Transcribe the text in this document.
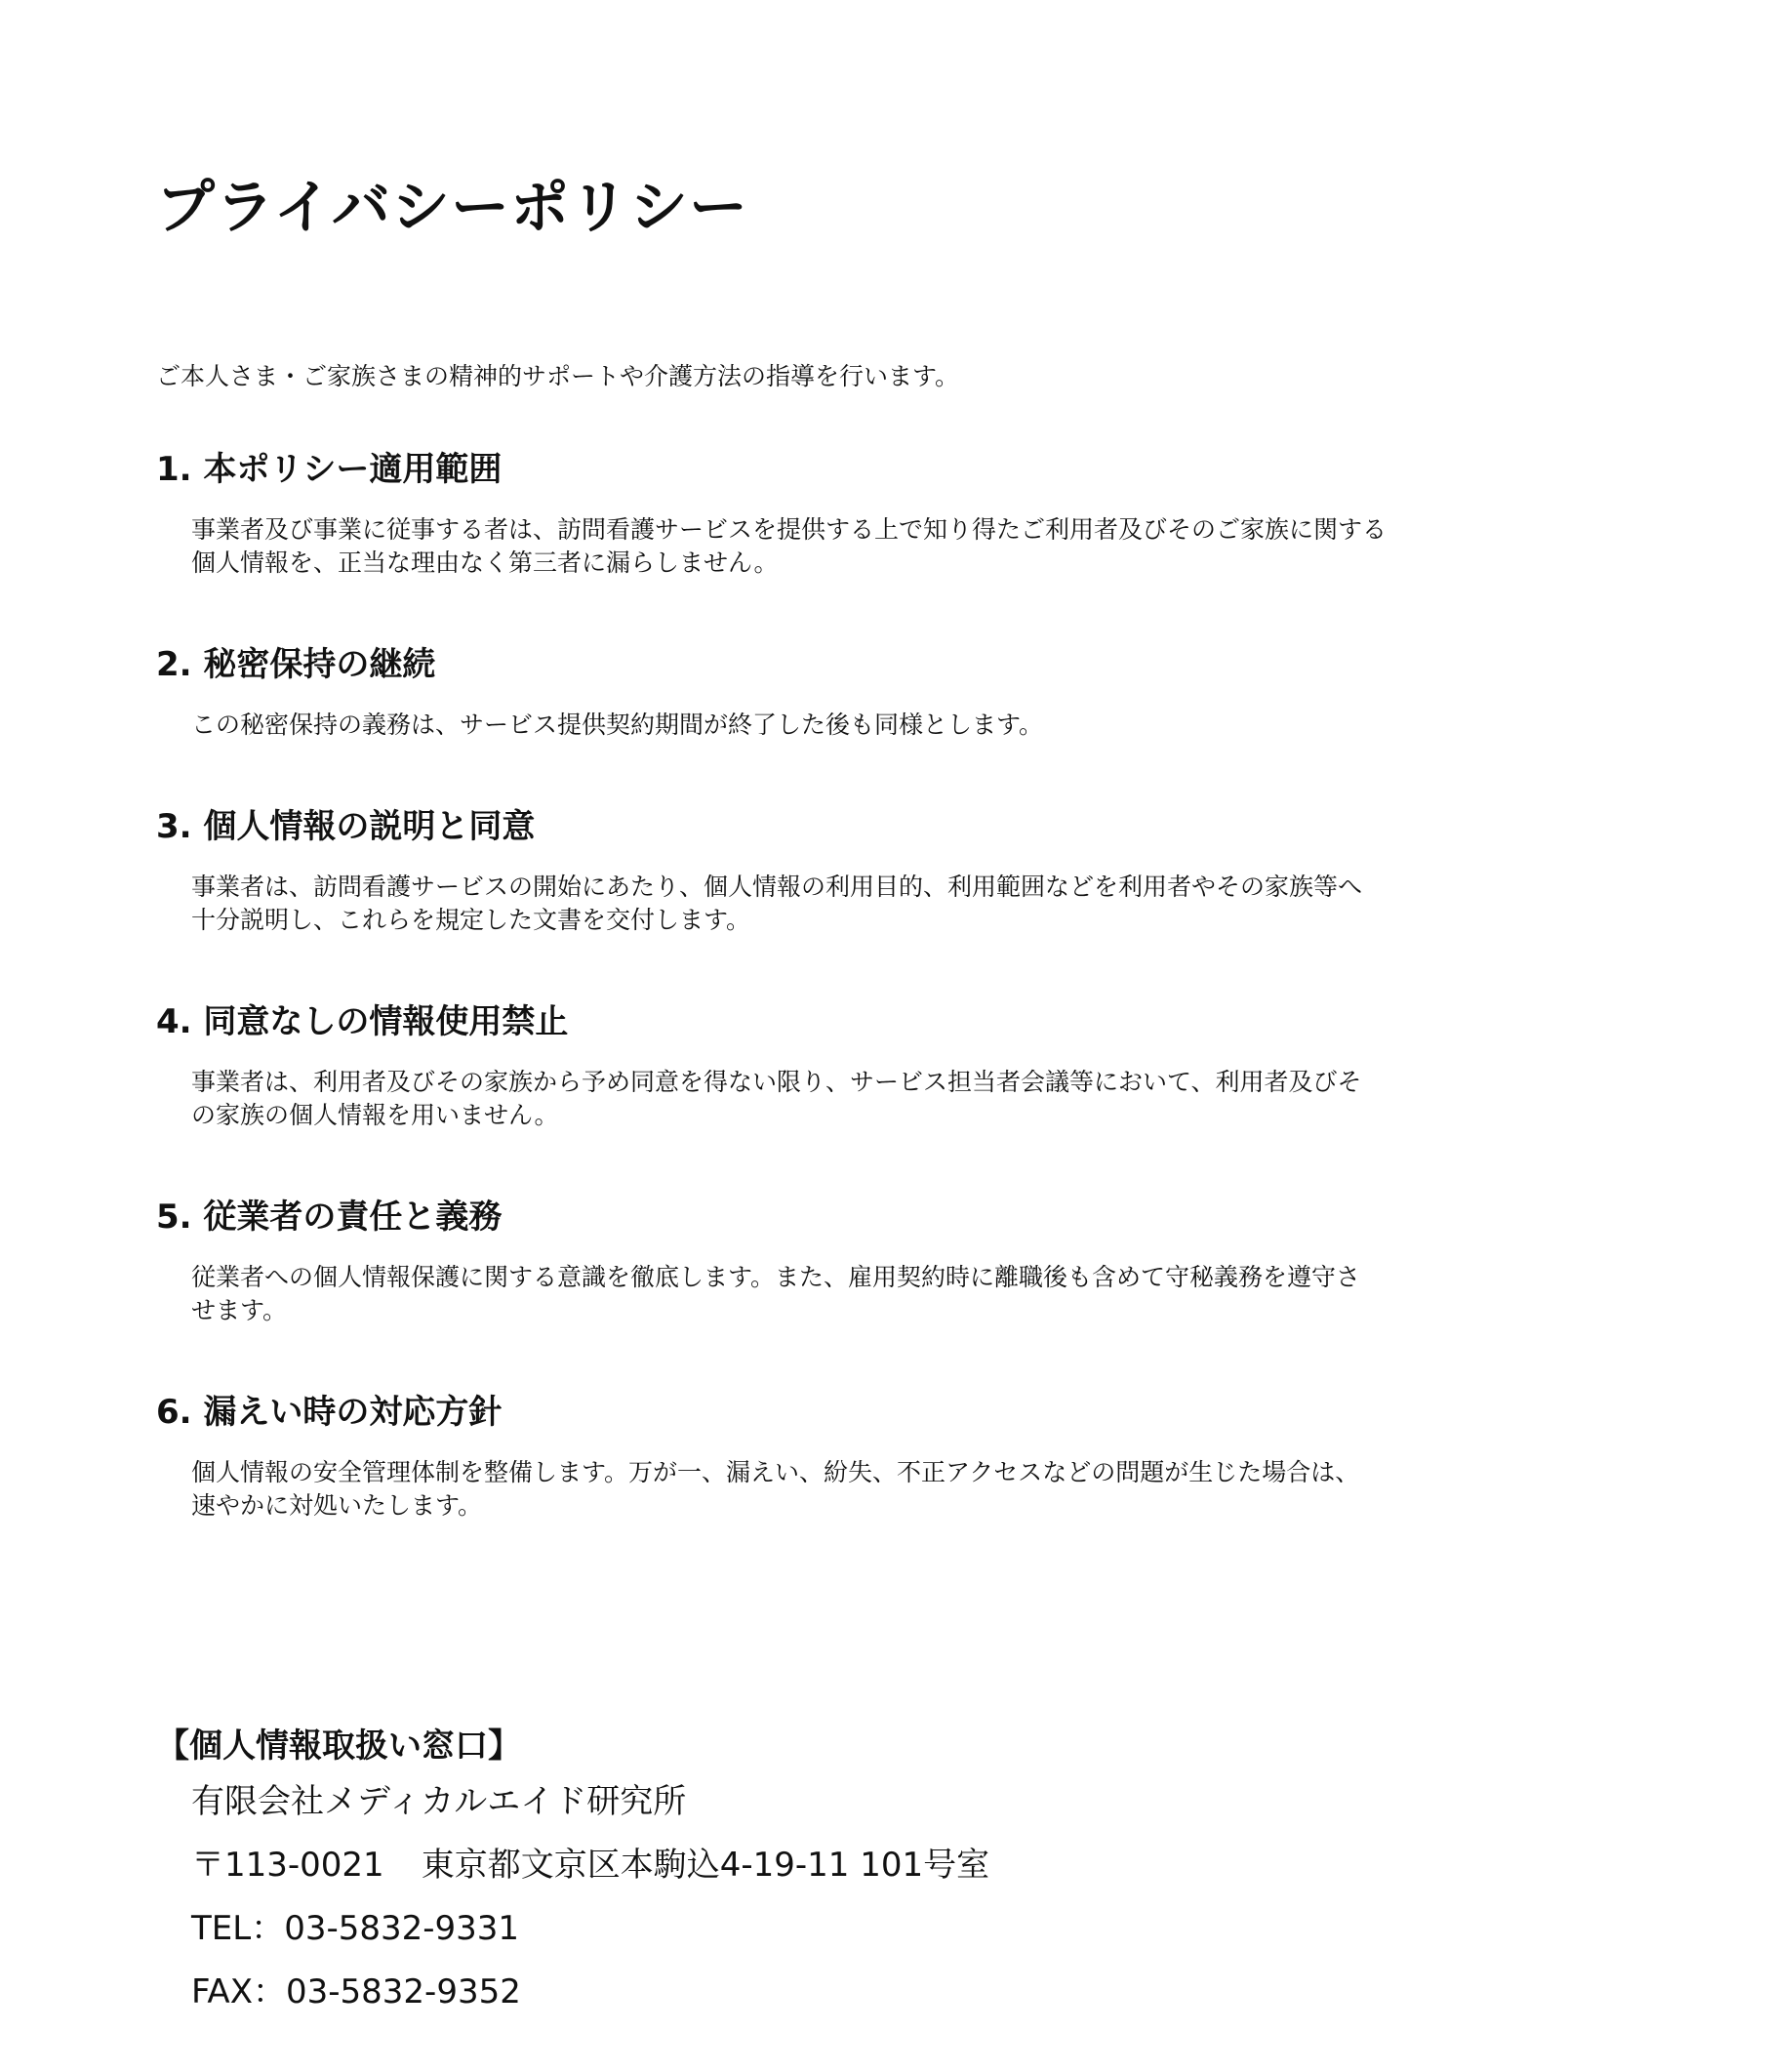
プライバシーポリシー

ご本人さま・ご家族さまの精神的サポートや介護方法の指導を行います。

1. 本ポリシー適用範囲

事業者及び事業に従事する者は、訪問看護サービスを提供する上で知り得たご利用者及びそのご家族に関する
個人情報を、正当な理由なく第三者に漏らしません。

2. 秘密保持の継続

この秘密保持の義務は、サービス提供契約期間が終了した後も同様とします。

3. 個人情報の説明と同意

事業者は、訪問看護サービスの開始にあたり、個人情報の利用目的、利用範囲などを利用者やその家族等へ
十分説明し、これらを規定した文書を交付します。

4. 同意なしの情報使用禁止

事業者は、利用者及びその家族から予め同意を得ない限り、サービス担当者会議等において、利用者及びそ
の家族の個人情報を用いません。

5. 従業者の責任と義務

従業者への個人情報保護に関する意識を徹底します。また、雇用契約時に離職後も含めて守秘義務を遵守さ
せます。

6. 漏えい時の対応方針

個人情報の安全管理体制を整備します。万が一、漏えい、紛失、不正アクセスなどの問題が生じた場合は、
速やかに対処いたします。

【個人情報取扱い窓口】
有限会社メディカルエイド研究所
〒113-0021 東京都文京区本駒込4-19-11 101号室
TEL：03-5832-9331
FAX：03-5832-9352
